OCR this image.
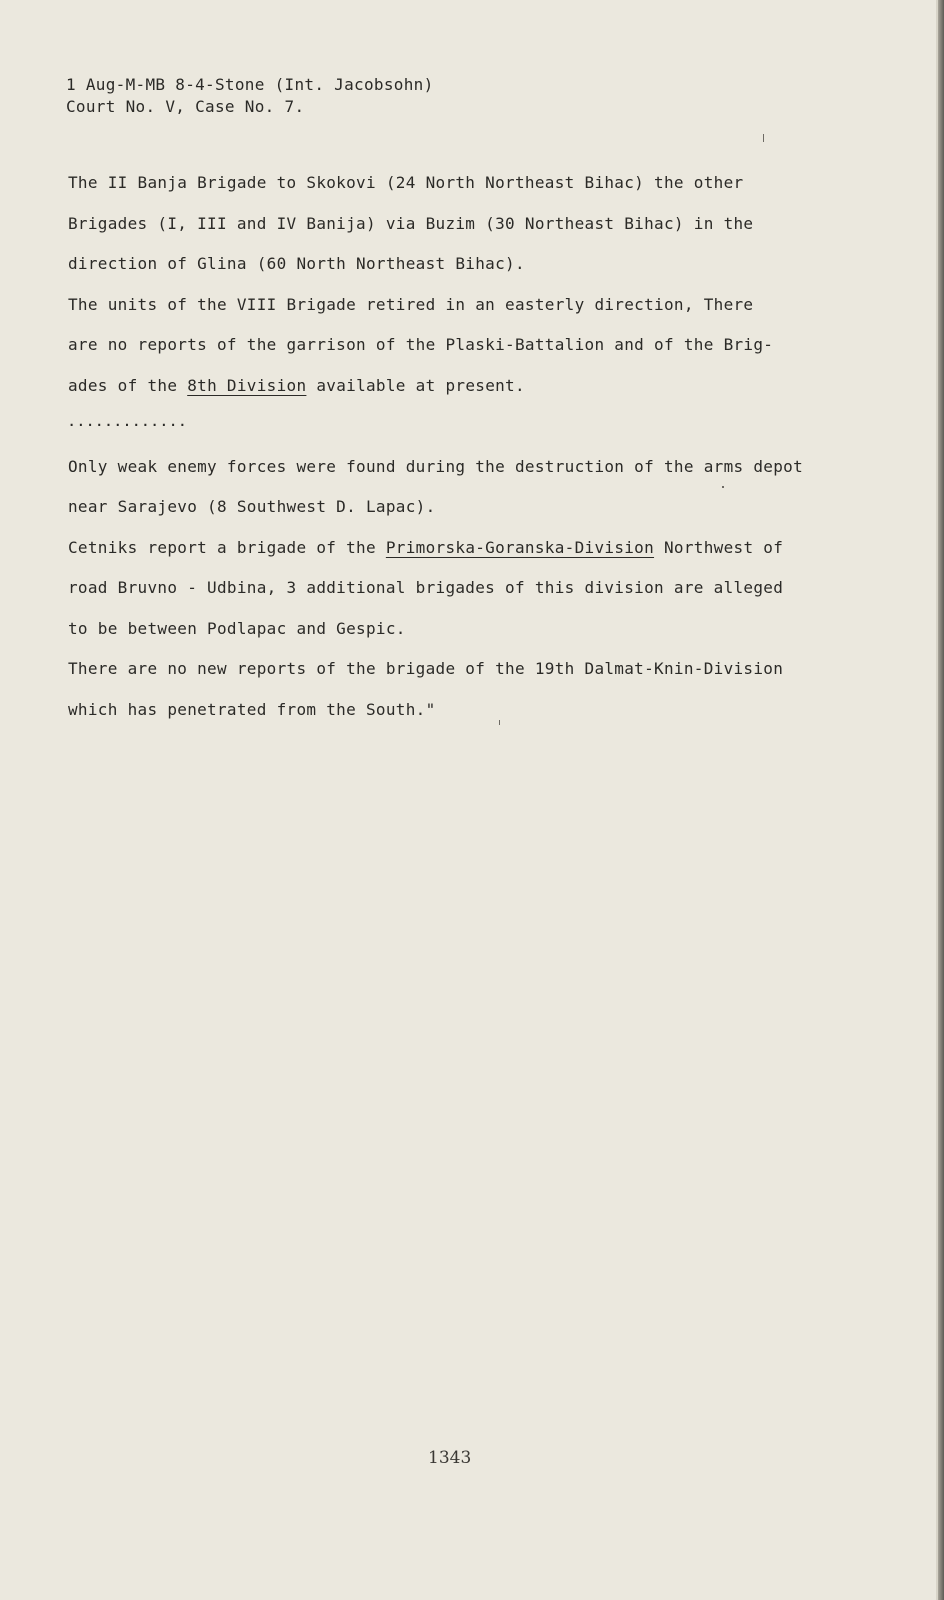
1 Aug-M-MB 8-4-Stone (Int. Jacobsohn)
Court No. V, Case No. 7.
The II Banja Brigade to Skokovi (24 North Northeast Bihac) the other
Brigades (I, III and IV Banija) via Buzim (30 Northeast Bihac) in the
direction of Glina (60 North Northeast Bihac).
The units of the VIII Brigade retired in an easterly direction, There
are no reports of the garrison of the Plaski-Battalion and of the Brig-
ades of the 8th Division available at present.
.............
Only weak enemy forces were found during the destruction of the arms depot
near Sarajevo (8 Southwest D. Lapac).
Cetniks report a brigade of the Primorska-Goranska-Division Northwest of
road Bruvno - Udbina, 3 additional brigades of this division are alleged
to be between Podlapac and Gespic.
There are no new reports of the brigade of the 19th Dalmat-Knin-Division
which has penetrated from the South."
1343
